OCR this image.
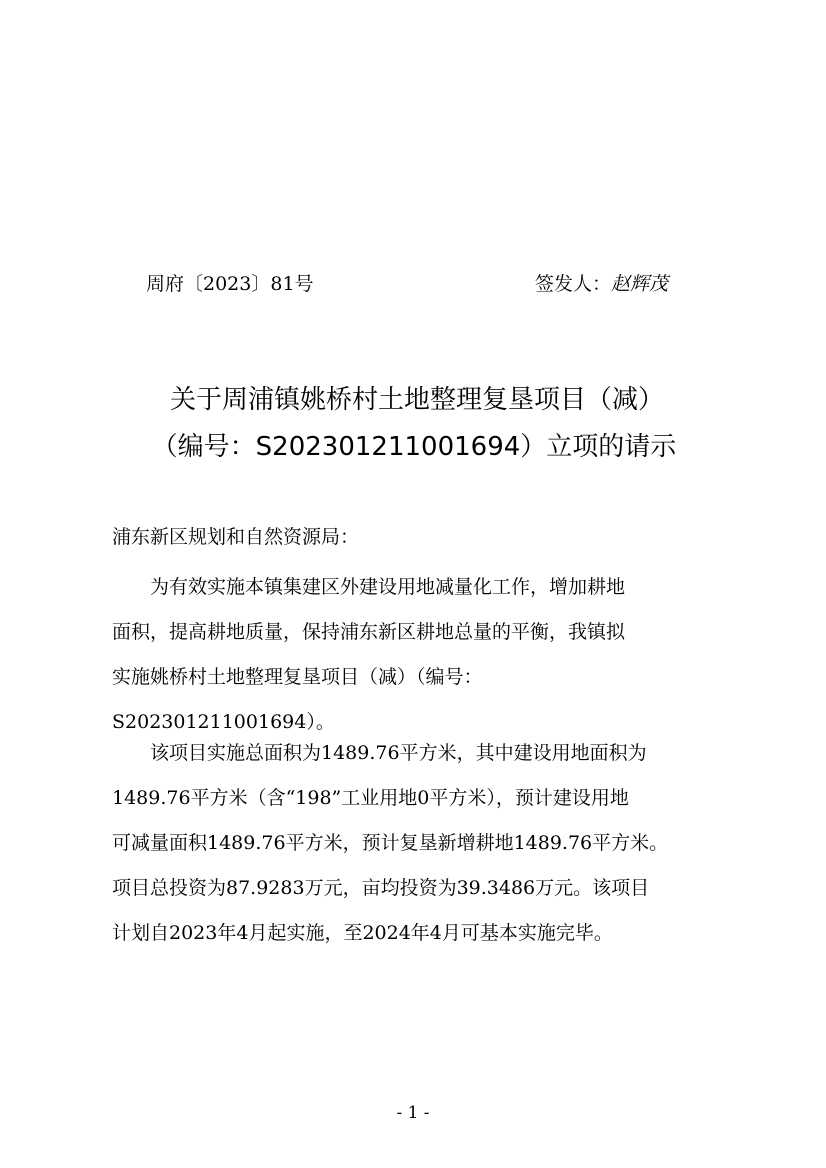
周府〔2023〕81号	签发人：赵辉茂
关于周浦镇姚桥村土地整理复垦项目（减）
（编号：S202301211001694）立项的请示
浦东新区规划和自然资源局：

为有效实施本镇集建区外建设用地减量化工作，增加耕地
面积，提高耕地质量，保持浦东新区耕地总量的平衡，我镇拟
实施姚桥村土地整理复垦项目（减）（编号：
S202301211001694）。

该项目实施总面积为1489.76平方米，其中建设用地面积为
1489.76平方米（含“198”工业用地0平方米），预计建设用地
可减量面积1489.76平方米，预计复垦新增耕地1489.76平方米。
项目总投资为87.9283万元，亩均投资为39.3486万元。该项目
计划自2023年4月起实施，至2024年4月可基本实施完毕。

- 1 -
